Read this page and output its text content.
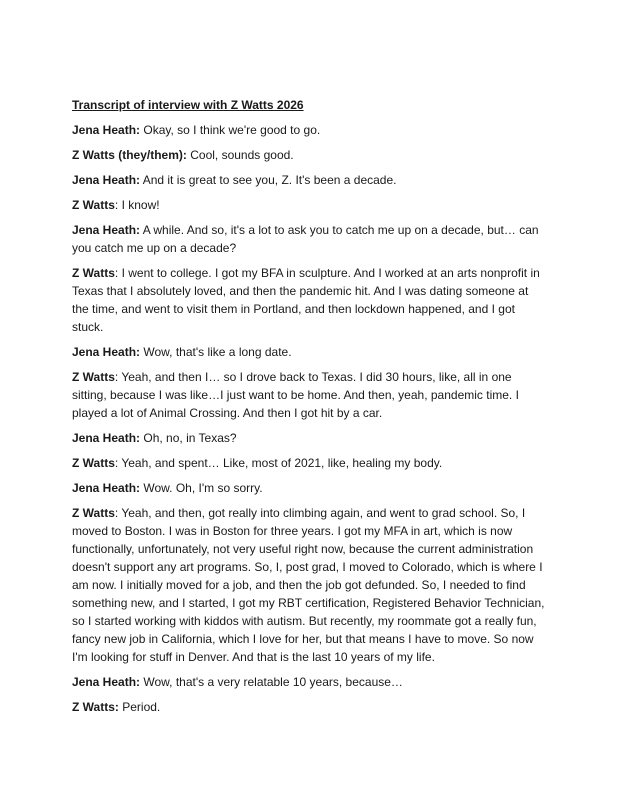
Transcript of interview with Z Watts 2026

Jena Heath: Okay, so I think we're good to go.

Z Watts (they/them): Cool, sounds good.

Jena Heath: And it is great to see you, Z. It's been a decade.

Z Watts: I know!

Jena Heath: A while. And so, it's a lot to ask you to catch me up on a decade, but… can you catch me up on a decade?

Z Watts: I went to college. I got my BFA in sculpture. And I worked at an arts nonprofit in Texas that I absolutely loved, and then the pandemic hit. And I was dating someone at the time, and went to visit them in Portland, and then lockdown happened, and I got stuck.

Jena Heath: Wow, that's like a long date.

Z Watts: Yeah, and then I… so I drove back to Texas. I did 30 hours, like, all in one sitting, because I was like…I just want to be home. And then, yeah, pandemic time. I played a lot of Animal Crossing. And then I got hit by a car.

Jena Heath: Oh, no, in Texas?

Z Watts: Yeah, and spent… Like, most of 2021, like, healing my body.

Jena Heath: Wow. Oh, I'm so sorry.

Z Watts: Yeah, and then, got really into climbing again, and went to grad school. So, I moved to Boston. I was in Boston for three years. I got my MFA in art, which is now functionally, unfortunately, not very useful right now, because the current administration doesn't support any art programs. So, I, post grad, I moved to Colorado, which is where I am now. I initially moved for a job, and then the job got defunded. So, I needed to find something new, and I started, I got my RBT certification, Registered Behavior Technician, so I started working with kiddos with autism. But recently, my roommate got a really fun, fancy new job in California, which I love for her, but that means I have to move. So now I'm looking for stuff in Denver. And that is the last 10 years of my life.

Jena Heath: Wow, that's a very relatable 10 years, because…

Z Watts: Period.
